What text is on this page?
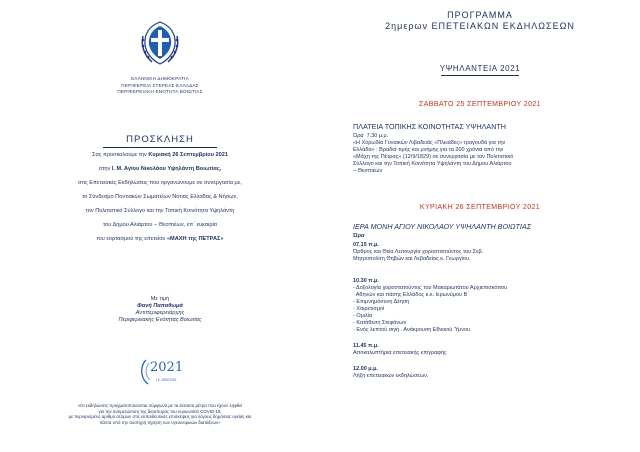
ΕΛΛΗΝΙΚΗ ΔΗΜΟΚΡΑΤΙΑ
ΠΕΡΙΦΕΡΕΙΑ ΣΤΕΡΕΑΣ ΕΛΛΑΔΑΣ
ΠΕΡΙΦΕΡΕΙΑΚΗ ΕΝΟΤΗΤΑ ΒΟΙΩΤΙΑΣ
ΠΡΟΣΚΛΗΣΗ
Σας προσκαλούμε την Κυριακή 26 Σεπτεμβρίου 2021
στην Ι. Μ. Αγίου Νικολάου Υψηλάντη Βοιωτίας,
στις Επετειακές Εκδηλώσεις που οργανώνουμε σε συνεργασία με,
το Σύνδεσμο Ποντιακών Σωματείων Νότιας Ελλάδας & Νήσων,
τον Πολιτιστικό Σύλλογο και την Τοπική Κοινότητα Υψηλάντη
του Δήμου Αλιάρτου – Θεσπιέων, επ΄ ευκαιρία
του εορτασμού της επετείου «ΜΑΧΗ της ΠΕΤΡΑΣ»
Με τιμή
Φανή Παπαθωμά
Αντιπεριφερειάρχης
Περιφερειακής Ενότητας Βοιωτίας
2021
Ι.Ε. ΒΟΙΩΤΙΑΣ
«Οι εκδηλώσεις πραγματοποιούνται σύμφωνα με τα έκτακτα μέτρα που έχουν ληφθεί
για την αντιμετώπιση της διασποράς του κορωνοϊού COVID-19,
με περιορισμένο αριθμό ατόμων στις εκπαιδευτικές επισκέψεις για λόγους δημόσιας υγείας και
πάντα υπό την αυστηρή τήρηση των υγειονομικών διατάξεων»
ΠΡΟΓΡΑΜΜΑ
2ημερων ΕΠΕΤΕΙΑΚΩΝ ΕΚΔΗΛΩΣΕΩΝ
ΥΨΗΛΑΝΤΕΙΑ 2021
ΣΑΒΒΑΤΟ 25 ΣΕΠΤΕΜΒΡΙΟΥ 2021
ΠΛΑΤΕΙΑ ΤΟΠΙΚΗΣ ΚΟΙΝΟΤΗΤΑΣ ΥΨΗΛΑΝΤΗ
Ώρα 7.30 μ.μ.
«Η Χορωδία Γυναικών Λιβαδειάς «Πλειάδες» τραγουδά για την
Ελλάδα» : Βραδιά τιμής και μνήμης για τα 200 χρόνια από την
«Μάχη της Πέτρας» (12/9/1829) σε συνεργασία με τον Πολιτιστικό
Σύλλογο και την Τοπική Κοινότητα Υψηλάντη του Δήμου Αλιάρτου
– Θεσπιέων
ΚΥΡΙΑΚΗ 26 ΣΕΠΤΕΜΒΡΙΟΥ 2021
ΙΕΡΑ ΜΟΝΗ ΑΓΙΟΥ ΝΙΚΟΛΑΟΥ ΥΨΗΛΑΝΤΗ ΒΟΙΩΤΙΑΣ
Ώρα
07.15 π.μ.
Όρθρος και Θεία Λειτουργία χοροστατούντος του Σεβ.
Μητροπολίτη Θηβών και Λεβαδείας κ. Γεωργίου.
10.30 π.μ.
- Δοξολογία χοροστατούντος του Μακαριωτάτου Αρχιεπισκόπου
Αθηνών και πάσης Ελλάδος κ.κ. Ιερωνύμου Β΄
- Επιμνημόσυνη Δέηση
- Χαιρετισμοί
- Ομιλία
- Κατάθεση Στεφάνων
- Ενός λεπτού σιγή . Ανάκρουση Εθνικού Ύμνου
11.45 π.μ.
Αποκαλυπτήρια επετειακής επιγραφής
12.00 μ.μ.
Λήξη επετειακών εκδηλώσεων.
